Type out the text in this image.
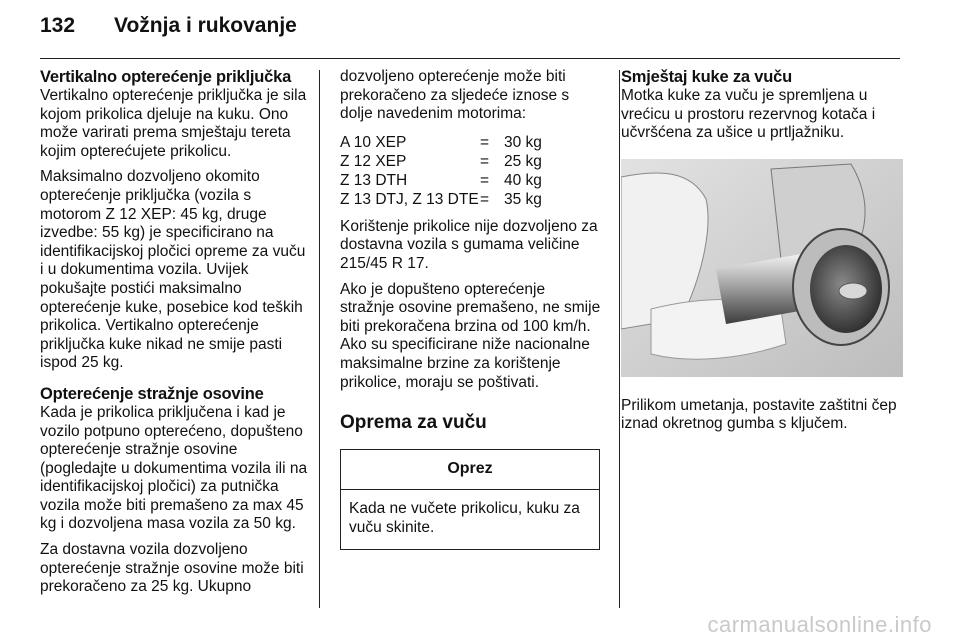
132	Vožnja i rukovanje
Vertikalno opterećenje priključka

Vertikalno opterećenje priključka je sila kojom prikolica djeluje na kuku. Ono može varirati prema smještaju tereta kojim opterećujete prikolicu.

Maksimalno dozvoljeno okomito opterećenje priključka (vozila s motorom Z 12 XEP: 45 kg, druge izvedbe: 55 kg) je specificirano na identifikacijskoj pločici opreme za vuču i u dokumentima vozila. Uvijek pokušajte postići maksimalno opterećenje kuke, posebice kod teških prikolica. Vertikalno opterećenje priključka kuke nikad ne smije pasti ispod 25 kg.

Opterećenje stražnje osovine

Kada je prikolica priključena i kad je vozilo potpuno opterećeno, dopušteno opterećenje stražnje osovine (pogledajte u dokumentima vozila ili na identifikacijskoj pločici) za putnička vozila može biti premašeno za max 45 kg i dozvoljena masa vozila za 50 kg.

Za dostavna vozila dozvoljeno opterećenje stražnje osovine može biti prekoračeno za 25 kg. Ukupno

dozvoljeno opterećenje može biti prekoračeno za sljedeće iznose s dolje navedenim motorima:

A 10 XEP	=	30 kg
Z 12 XEP	=	25 kg
Z 13 DTH	=	40 kg
Z 13 DTJ, Z 13 DTE	=	35 kg

Korištenje prikolice nije dozvoljeno za dostavna vozila s gumama veličine 215/45 R 17.

Ako je dopušteno opterećenje stražnje osovine premašeno, ne smije biti prekoračena brzina od 100 km/h. Ako su specificirane niže nacionalne maksimalne brzine za korištenje prikolice, moraju se poštivati.

Oprema za vuču
Oprez
Kada ne vučete prikolicu, kuku za vuču skinite.
Smještaj kuke za vuču

Motka kuke za vuču je spremljena u vrećicu u prostoru rezervnog kotača i učvršćena za ušice u prtljažniku.

Prilikom umetanja, postavite zaštitni čep iznad okretnog gumba s ključem.

carmanualsonline.info
